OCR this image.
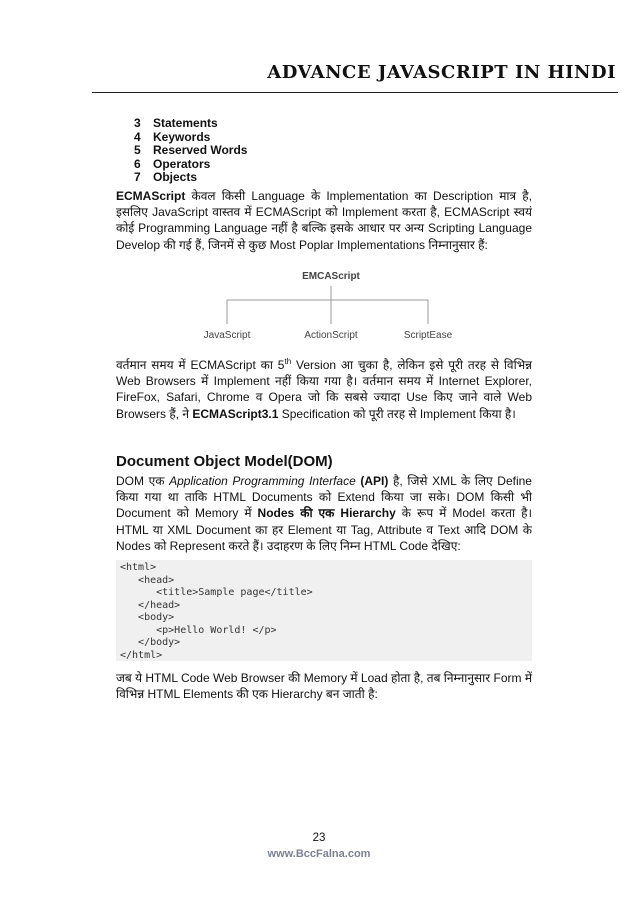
ADVANCE JAVASCRIPT IN HINDI
3	Statements
4	Keywords
5	Reserved Words
6	Operators
7	Objects
ECMAScript केवल किसी Language के Implementation का Description मात्र है, इसलिए JavaScript वास्तव में ECMAScript को Implement करता है, ECMAScript स्वयं कोई Programming Language नहीं है बल्कि इसके आधार पर अन्य Scripting Language Develop की गई हैं, जिनमें से कुछ Most Poplar Implementations निम्नानुसार हैं:
EMCAScript
JavaScript	ActionScript	ScriptEase
वर्तमान समय में ECMAScript का 5th Version आ चुका है, लेकिन इसे पूरी तरह से विभिन्न Web Browsers में Implement नहीं किया गया है। वर्तमान समय में Internet Explorer, FireFox, Safari, Chrome व Opera जो कि सबसे ज्यादा Use किए जाने वाले Web Browsers हैं, ने ECMAScript3.1 Specification को पूरी तरह से Implement किया है।
Document Object Model(DOM)
DOM एक Application Programming Interface (API) है, जिसे XML के लिए Define किया गया था ताकि HTML Documents को Extend किया जा सके। DOM किसी भी Document को Memory में Nodes की एक Hierarchy के रूप में Model करता है। HTML या XML Document का हर Element या Tag, Attribute व Text आदि DOM के Nodes को Represent करते हैं। उदाहरण के लिए निम्न HTML Code देखिए:
<html>
<head>
<title>Sample page</title>
</head>
<body>
<p>Hello World! </p>
</body>
</html>
जब ये HTML Code Web Browser की Memory में Load होता है, तब निम्नानुसार Form में विभिन्न HTML Elements की एक Hierarchy बन जाती है:
23
www.BccFalna.com
